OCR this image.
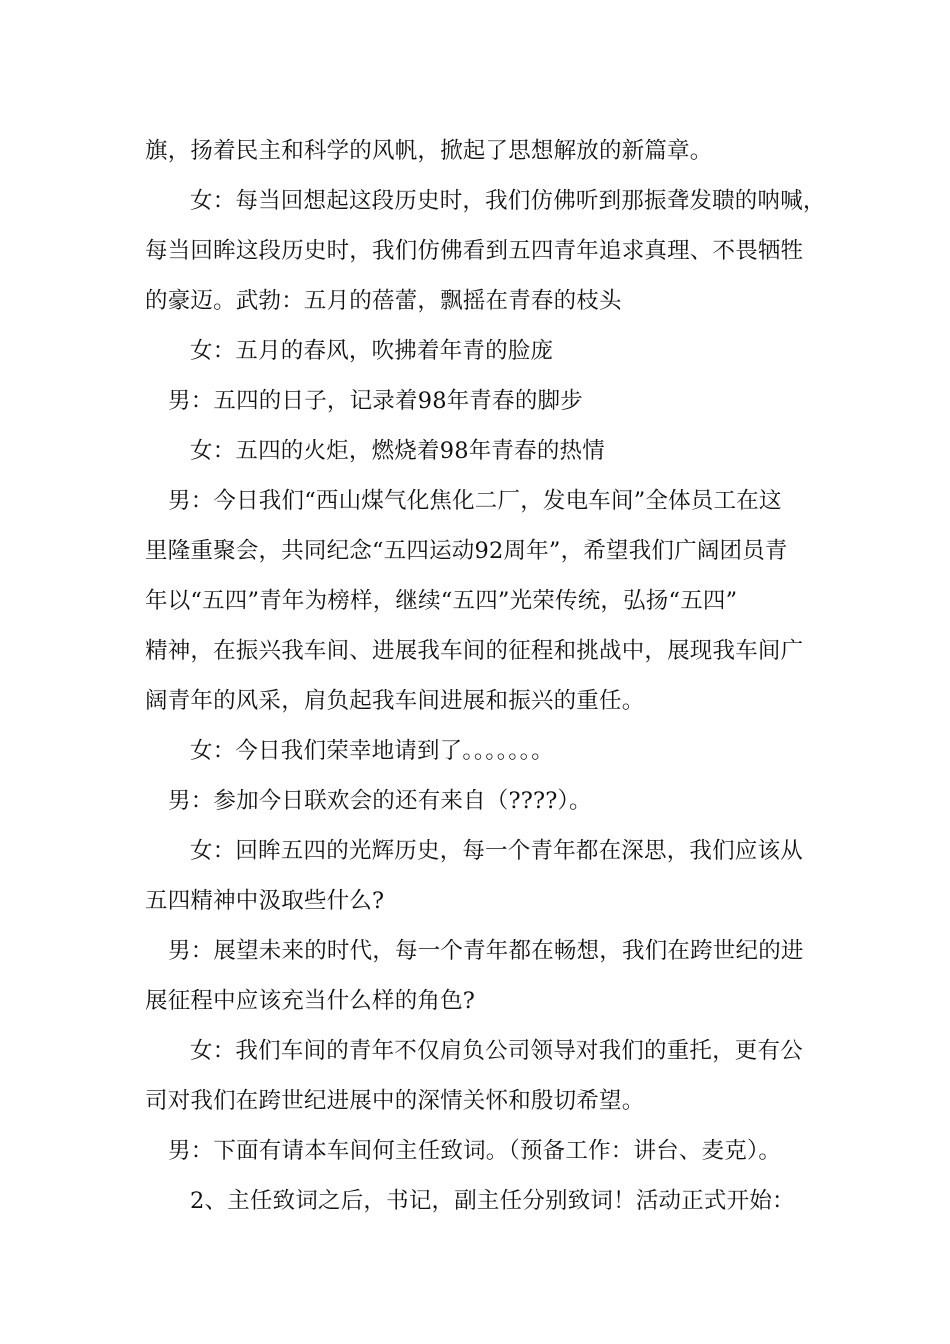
旗，扬着民主和科学的风帆，掀起了思想解放的新篇章。
女：每当回想起这段历史时，我们仿佛听到那振聋发聩的呐喊，
每当回眸这段历史时，我们仿佛看到五四青年追求真理、不畏牺牲
的豪迈。武勃：五月的蓓蕾，飘摇在青春的枝头
女：五月的春风，吹拂着年青的脸庞
男：五四的日子，记录着98年青春的脚步
女：五四的火炬，燃烧着98年青春的热情
男：今日我们“西山煤气化焦化二厂，发电车间”全体员工在这
里隆重聚会，共同纪念“五四运动92周年”，希望我们广阔团员青
年以“五四”青年为榜样，继续“五四”光荣传统，弘扬“五四”
精神，在振兴我车间、进展我车间的征程和挑战中，展现我车间广
阔青年的风采，肩负起我车间进展和振兴的重任。
女：今日我们荣幸地请到了。。。。。。。
男：参加今日联欢会的还有来自（????）。
女：回眸五四的光辉历史，每一个青年都在深思，我们应该从
五四精神中汲取些什么?
男：展望未来的时代，每一个青年都在畅想，我们在跨世纪的进
展征程中应该充当什么样的角色?
女：我们车间的青年不仅肩负公司领导对我们的重托，更有公
司对我们在跨世纪进展中的深情关怀和殷切希望。
男：下面有请本车间何主任致词。（预备工作：讲台、麦克）。
2、主任致词之后，书记，副主任分别致词！活动正式开始：
